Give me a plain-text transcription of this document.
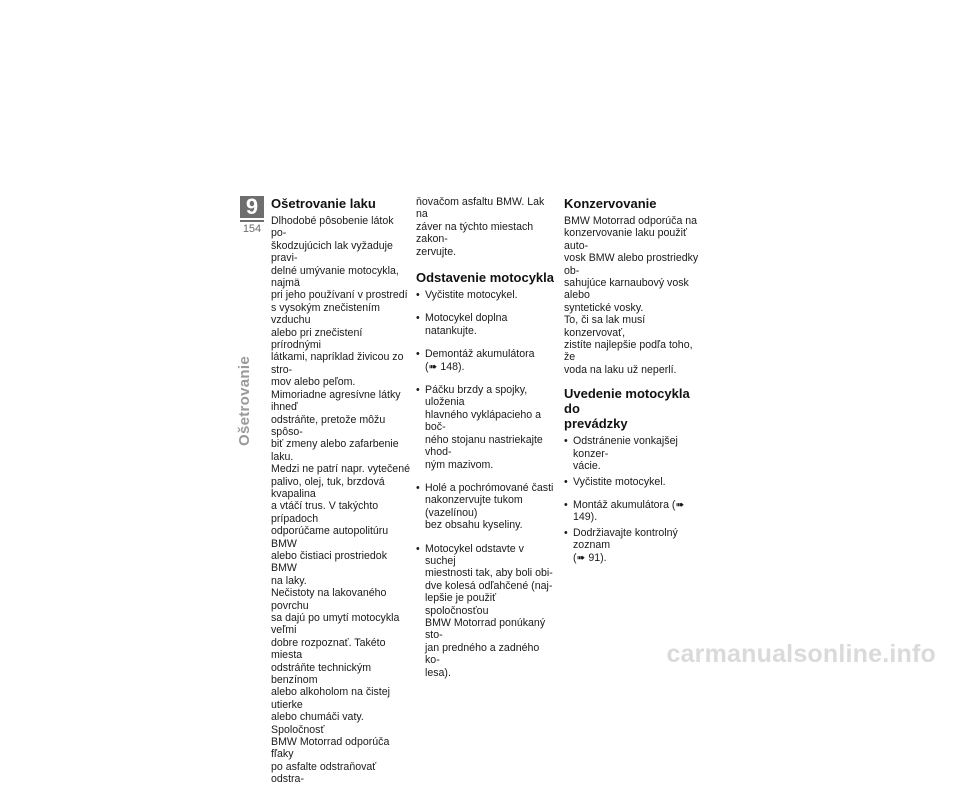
9
154
Ošetrovanie
Ošetrovanie laku

Dlhodobé pôsobenie látok po-
škodzujúcich lak vyžaduje pravi-
delné umývanie motocykla, najmä
pri jeho používaní v prostredí
s vysokým znečistením vzduchu
alebo pri znečistení prírodnými
látkami, napríklad živicou zo stro-
mov alebo peľom.
Mimoriadne agresívne látky ihneď
odstráňte, pretože môžu spôso-
biť zmeny alebo zafarbenie laku.
Medzi ne patrí napr. vytečené
palivo, olej, tuk, brzdová kvapalina
a vtáčí trus. V takýchto prípadoch
odporúčame autopolitúru BMW
alebo čistiaci prostriedok BMW
na laky.
Nečistoty na lakovaného povrchu
sa dajú po umytí motocykla veľmi
dobre rozpoznať. Takéto miesta
odstráňte technickým benzínom
alebo alkoholom na čistej utierke
alebo chumáči vaty. Spoločnosť
BMW Motorrad odporúča fľaky
po asfalte odstraňovať odstra-

ňovačom asfaltu BMW. Lak na
záver na týchto miestach zakon-
zervujte.

Odstavenie motocykla
• Vyčistite motocykel.

• Motocykel doplna natankujte.

• Demontáž akumulátora
(➠ 148).

• Páčku brzdy a spojky, uloženia
hlavného vyklápacieho a boč-
ného stojanu nastriekajte vhod-
ným mazivom.

• Holé a pochrómované časti
nakonzervujte tukom (vazelínou)
bez obsahu kyseliny.

• Motocykel odstavte v suchej
miestnosti tak, aby boli obi-
dve kolesá odľahčené (naj-
lepšie je použiť spoločnosťou
BMW Motorrad ponúkaný sto-
jan predného a zadného ko-
lesa).

Konzervovanie

BMW Motorrad odporúča na
konzervovanie laku použiť auto-
vosk BMW alebo prostriedky ob-
sahujúce karnaubový vosk alebo
syntetické vosky.
To, či sa lak musí konzervovať,
zistíte najlepšie podľa toho, že
voda na laku už neperlí.

Uvedenie motocykla do
prevádzky
• Odstránenie vonkajšej konzer-
vácie.

• Vyčistite motocykel.

• Montáž akumulátora (➠ 149).

• Dodržiavajte kontrolný zoznam
(➠ 91).

carmanualsonline.info
